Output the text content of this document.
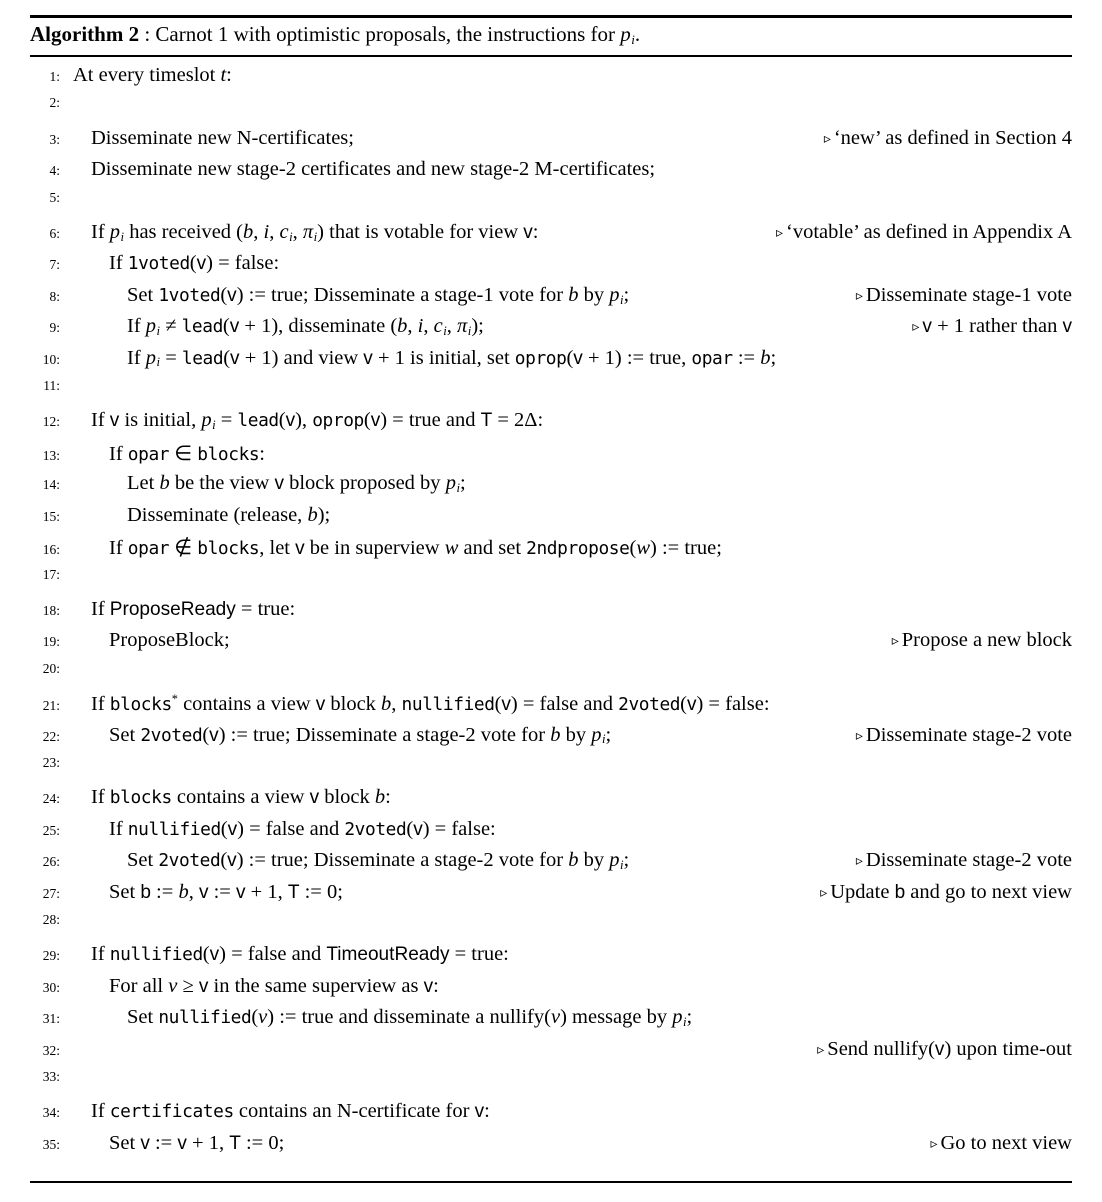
Algorithm 2 : Carnot 1 with optimistic proposals, the instructions for pi.
1: At every timeslot t:
2:
3:	Disseminate new N-certificates;	▹ ‘new’ as defined in Section 4
4:	Disseminate new stage-2 certificates and new stage-2 M-certificates;
5:
6:	If pi has received (b, i, ci, πi) that is votable for view v:	▹ ‘votable’ as defined in Appendix A
7:	If 1voted(v) = false:
8:	Set 1voted(v) := true; Disseminate a stage-1 vote for b by pi;	▹ Disseminate stage-1 vote
9:	If pi ≠ lead(v + 1), disseminate (b, i, ci, πi);	▹ v + 1 rather than v
10:	If pi = lead(v + 1) and view v + 1 is initial, set oprop(v + 1) := true, opar := b;
11:
12:	If v is initial, pi = lead(v), oprop(v) = true and T = 2Δ:
13:	If opar ∈ blocks:
14:	Let b be the view v block proposed by pi;
15:	Disseminate (release, b);
16:	If opar ∉ blocks, let v be in superview w and set 2ndpropose(w) := true;
17:
18:	If ProposeReady = true:
19:	ProposeBlock;	▹ Propose a new block
20:
21:	If blocks* contains a view v block b, nullified(v) = false and 2voted(v) = false:
22:	Set 2voted(v) := true; Disseminate a stage-2 vote for b by pi;	▹ Disseminate stage-2 vote
23:
24:	If blocks contains a view v block b:
25:	If nullified(v) = false and 2voted(v) = false:
26:	Set 2voted(v) := true; Disseminate a stage-2 vote for b by pi;	▹ Disseminate stage-2 vote
27:	Set b := b, v := v + 1, T := 0;	▹ Update b and go to next view
28:
29:	If nullified(v) = false and TimeoutReady = true:
30:	For all v ≥ v in the same superview as v:
31:	Set nullified(v) := true and disseminate a nullify(v) message by pi;
32:	▹ Send nullify(v) upon time-out
33:
34:	If certificates contains an N-certificate for v:
35:	Set v := v + 1, T := 0;	▹ Go to next view
